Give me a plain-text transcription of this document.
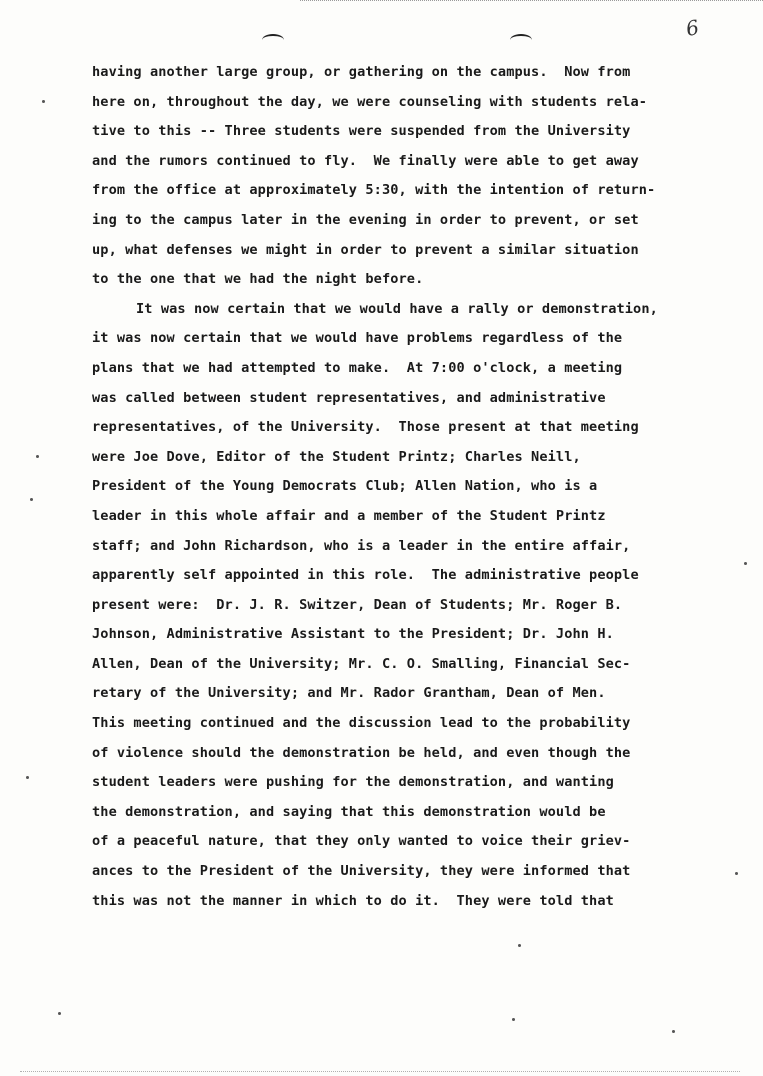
6
having another large group, or gathering on the campus.  Now from
here on, throughout the day, we were counseling with students rela-
tive to this -- Three students were suspended from the University
and the rumors continued to fly.  We finally were able to get away
from the office at approximately 5:30, with the intention of return-
ing to the campus later in the evening in order to prevent, or set
up, what defenses we might in order to prevent a similar situation
to the one that we had the night before.
It was now certain that we would have a rally or demonstration,
it was now certain that we would have problems regardless of the
plans that we had attempted to make.  At 7:00 o'clock, a meeting
was called between student representatives, and administrative
representatives, of the University.  Those present at that meeting
were Joe Dove, Editor of the Student Printz; Charles Neill,
President of the Young Democrats Club; Allen Nation, who is a
leader in this whole affair and a member of the Student Printz
staff; and John Richardson, who is a leader in the entire affair,
apparently self appointed in this role.  The administrative people
present were:  Dr. J. R. Switzer, Dean of Students; Mr. Roger B.
Johnson, Administrative Assistant to the President; Dr. John H.
Allen, Dean of the University; Mr. C. O. Smalling, Financial Sec-
retary of the University; and Mr. Rador Grantham, Dean of Men.
This meeting continued and the discussion lead to the probability
of violence should the demonstration be held, and even though the
student leaders were pushing for the demonstration, and wanting
the demonstration, and saying that this demonstration would be
of a peaceful nature, that they only wanted to voice their griev-
ances to the President of the University, they were informed that
this was not the manner in which to do it.  They were told that
